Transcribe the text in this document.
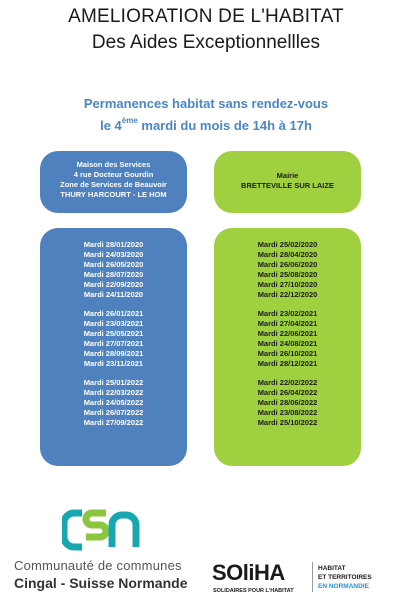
AMELIORATION DE L'HABITAT
Des Aides Exceptionnellles
Permanences habitat sans rendez-vous
le 4ème mardi du mois de 14h à 17h
Maison des Services
4 rue Docteur Gourdin
Zone de Services de Beauvoir
THURY HARCOURT - LE HOM
Mairie
BRETTEVILLE SUR LAIZE
Mardi 28/01/2020
Mardi 24/03/2020
Mardi 26/05/2020
Mardi 28/07/2020
Mardi 22/09/2020
Mardi 24/11/2020
Mardi 26/01/2021
Mardi 23/03/2021
Mardi 25/05/2021
Mardi 27/07/2021
Mardi 28/09/2021
Mardi 23/11/2021
Mardi 25/01/2022
Mardi 22/03/2022
Mardi 24/05/2022
Mardi 26/07/2022
Mardi 27/09/2022
Mardi 25/02/2020
Mardi 28/04/2020
Mardi 26/06/2020
Mardi 25/08/2020
Mardi 27/10/2020
Mardi 22/12/2020
Mardi 23/02/2021
Mardi 27/04/2021
Mardi 22/06/2021
Mardi 24/08/2021
Mardi 26/10/2021
Mardi 28/12/2021
Mardi 22/02/2022
Mardi 26/04/2022
Mardi 28/06/2022
Mardi 23/08/2022
Mardi 25/10/2022
Communauté de communes
Cingal - Suisse Normande SOliHA
SOLIDAIRES POUR L'HABITAT
HABITAT
ET TERRITOIRES
EN NORMANDIE
